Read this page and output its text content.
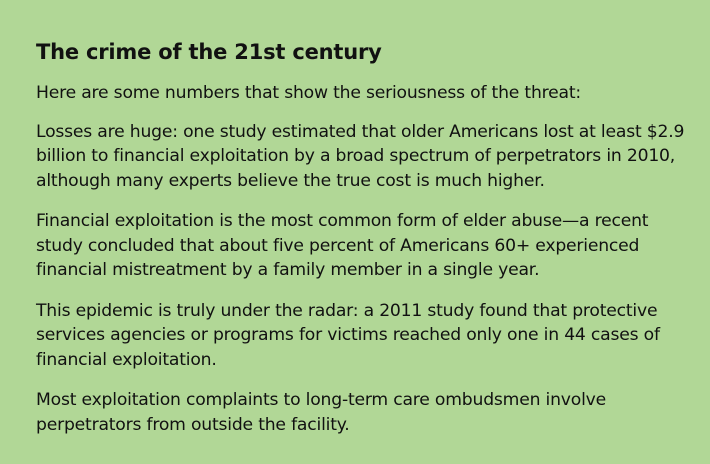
The crime of the 21st century

Here are some numbers that show the seriousness of the threat:

Losses are huge: one study estimated that older Americans lost at least $2.9 billion to financial exploitation by a broad spectrum of perpetrators in 2010, although many experts believe the true cost is much higher.

Financial exploitation is the most common form of elder abuse—a recent study concluded that about five percent of Americans 60+ experienced financial mistreatment by a family member in a single year.

This epidemic is truly under the radar: a 2011 study found that protective services agencies or programs for victims reached only one in 44 cases of financial exploitation.

Most exploitation complaints to long-term care ombudsmen involve perpetrators from outside the facility.
